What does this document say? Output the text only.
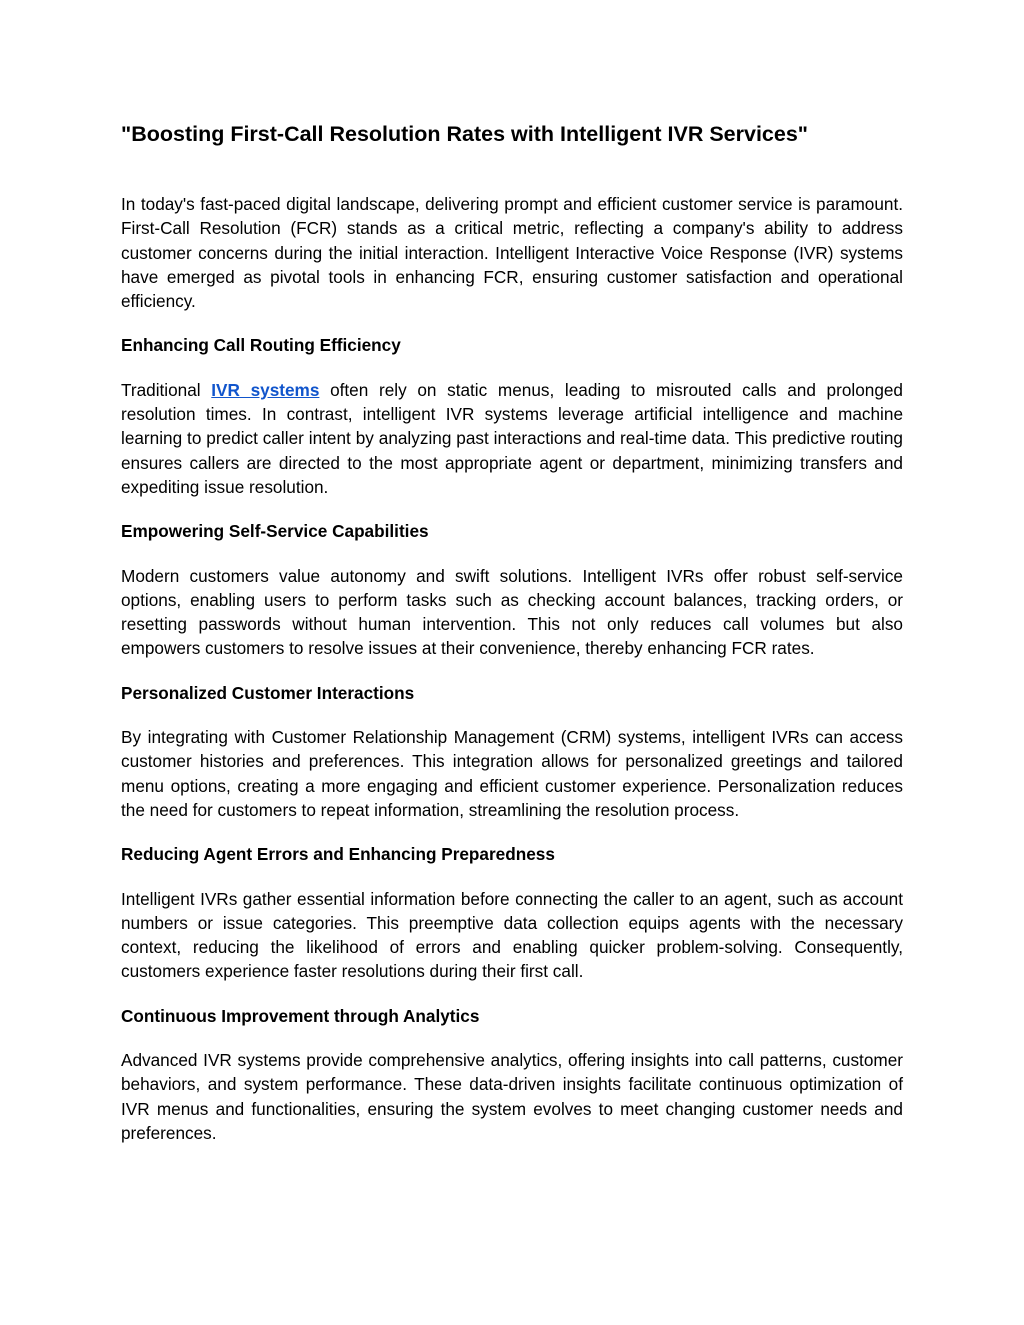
"Boosting First-Call Resolution Rates with Intelligent IVR Services"

In today's fast-paced digital landscape, delivering prompt and efficient customer service is paramount. First-Call Resolution (FCR) stands as a critical metric, reflecting a company's ability to address customer concerns during the initial interaction. Intelligent Interactive Voice Response (IVR) systems have emerged as pivotal tools in enhancing FCR, ensuring customer satisfaction and operational efficiency.

Enhancing Call Routing Efficiency

Traditional IVR systems often rely on static menus, leading to misrouted calls and prolonged resolution times. In contrast, intelligent IVR systems leverage artificial intelligence and machine learning to predict caller intent by analyzing past interactions and real-time data. This predictive routing ensures callers are directed to the most appropriate agent or department, minimizing transfers and expediting issue resolution.

Empowering Self-Service Capabilities

Modern customers value autonomy and swift solutions. Intelligent IVRs offer robust self-service options, enabling users to perform tasks such as checking account balances, tracking orders, or resetting passwords without human intervention. This not only reduces call volumes but also empowers customers to resolve issues at their convenience, thereby enhancing FCR rates.

Personalized Customer Interactions

By integrating with Customer Relationship Management (CRM) systems, intelligent IVRs can access customer histories and preferences. This integration allows for personalized greetings and tailored menu options, creating a more engaging and efficient customer experience. Personalization reduces the need for customers to repeat information, streamlining the resolution process.

Reducing Agent Errors and Enhancing Preparedness

Intelligent IVRs gather essential information before connecting the caller to an agent, such as account numbers or issue categories. This preemptive data collection equips agents with the necessary context, reducing the likelihood of errors and enabling quicker problem-solving. Consequently, customers experience faster resolutions during their first call.

Continuous Improvement through Analytics

Advanced IVR systems provide comprehensive analytics, offering insights into call patterns, customer behaviors, and system performance. These data-driven insights facilitate continuous optimization of IVR menus and functionalities, ensuring the system evolves to meet changing customer needs and preferences.
